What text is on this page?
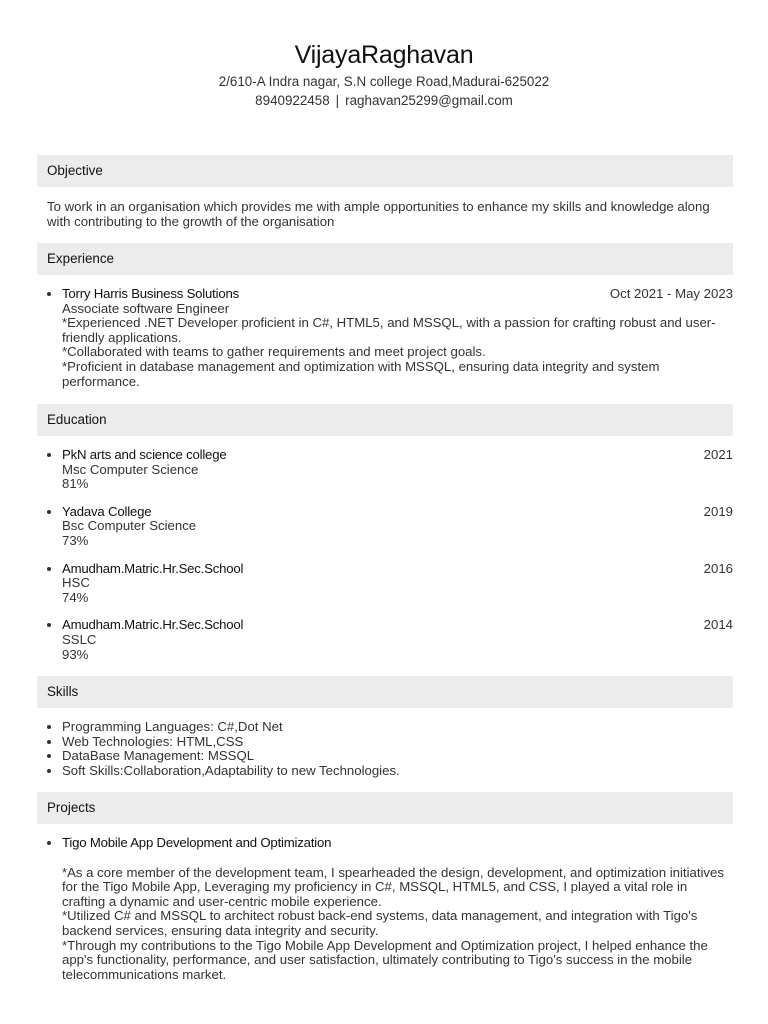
VijayaRaghavan
2/610-A Indra nagar, S.N college Road,Madurai-625022
8940922458 | raghavan25299@gmail.com
Objective
To work in an organisation which provides me with ample opportunities to enhance my skills and knowledge along with contributing to the growth of the organisation
Experience
• Torry Harris Business Solutions	Oct 2021 - May 2023
Associate software Engineer
*Experienced .NET Developer proficient in C#, HTML5, and MSSQL, with a passion for crafting robust and user-friendly applications.
*Collaborated with teams to gather requirements and meet project goals.
*Proficient in database management and optimization with MSSQL, ensuring data integrity and system performance.
Education
• PkN arts and science college	2021
Msc Computer Science
81%
• Yadava College	2019
Bsc Computer Science
73%
• Amudham.Matric.Hr.Sec.School	2016
HSC
74%
• Amudham.Matric.Hr.Sec.School	2014
SSLC
93%
Skills
• Programming Languages: C#,Dot Net
• Web Technologies: HTML,CSS
• DataBase Management: MSSQL
• Soft Skills:Collaboration,Adaptability to new Technologies.
Projects
• Tigo Mobile App Development and Optimization
*As a core member of the development team, I spearheaded the design, development, and optimization initiatives for the Tigo Mobile App, Leveraging my proficiency in C#, MSSQL, HTML5, and CSS, I played a vital role in crafting a dynamic and user-centric mobile experience.
*Utilized C# and MSSQL to architect robust back-end systems, data management, and integration with Tigo's backend services, ensuring data integrity and security.
*Through my contributions to the Tigo Mobile App Development and Optimization project, I helped enhance the app's functionality, performance, and user satisfaction, ultimately contributing to Tigo's success in the mobile telecommunications market.
